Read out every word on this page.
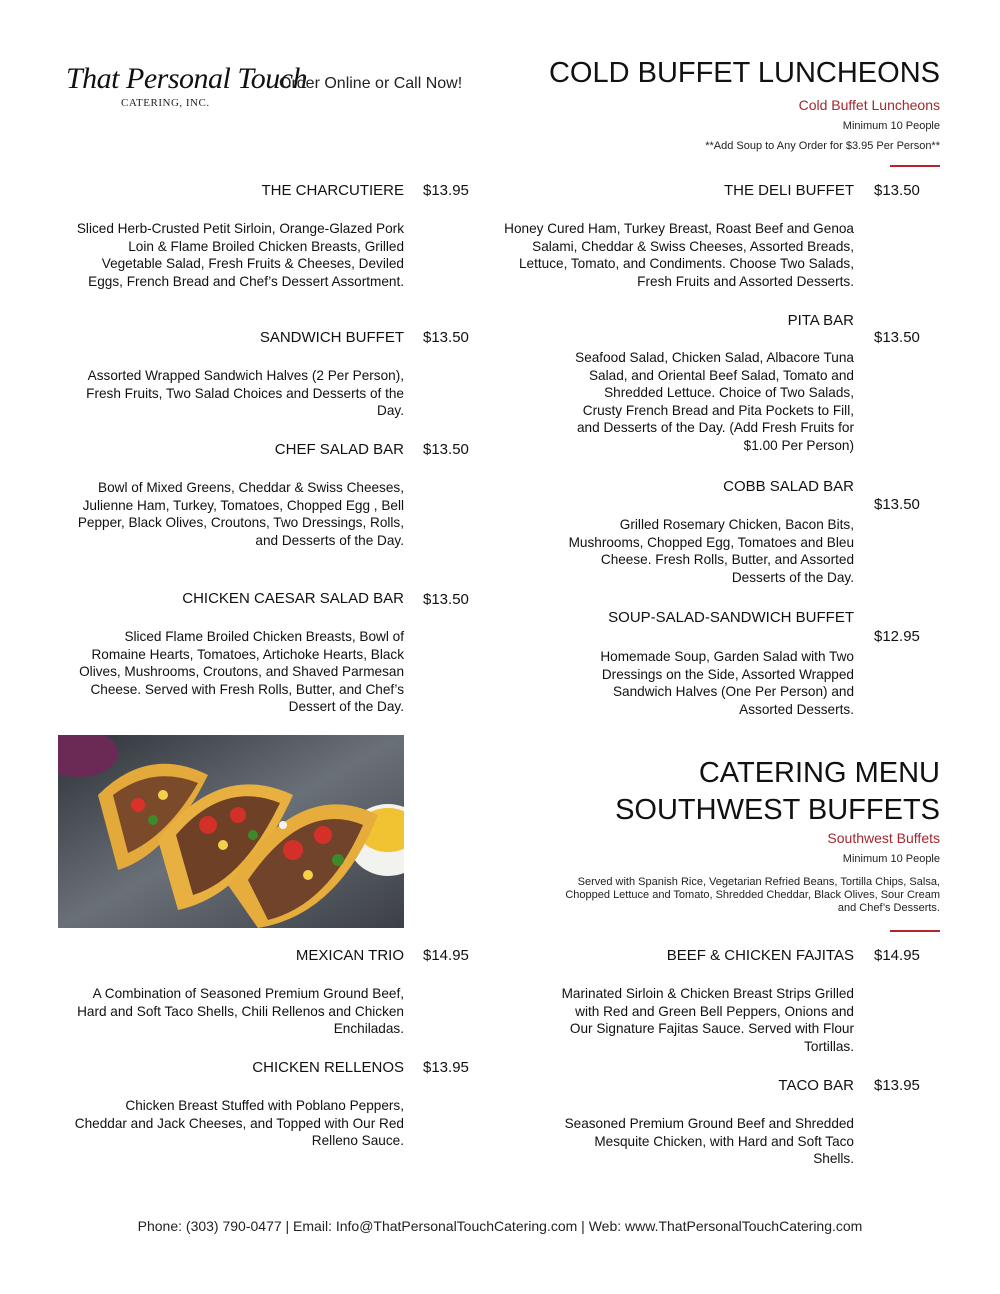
That Personal Touch
CATERING, INC.
Order Online or Call Now!	COLD BUFFET LUNCHEONS
Cold Buffet Luncheons
Minimum 10 People
**Add Soup to Any Order for $3.95 Per Person**
THE CHARCUTIERE $13.95
Sliced Herb-Crusted Petit Sirloin, Orange-Glazed Pork Loin & Flame Broiled Chicken Breasts, Grilled Vegetable Salad, Fresh Fruits & Cheeses, Deviled Eggs, French Bread and Chef’s Dessert Assortment.
SANDWICH BUFFET $13.50
Assorted Wrapped Sandwich Halves (2 Per Person), Fresh Fruits, Two Salad Choices and Desserts of the Day.
CHEF SALAD BAR $13.50
Bowl of Mixed Greens, Cheddar & Swiss Cheeses, Julienne Ham, Turkey, Tomatoes, Chopped Egg , Bell Pepper, Black Olives, Croutons, Two Dressings, Rolls, and Desserts of the Day.
CHICKEN CAESAR SALAD BAR $13.50
Sliced Flame Broiled Chicken Breasts, Bowl of Romaine Hearts, Tomatoes, Artichoke Hearts, Black Olives, Mushrooms, Croutons, and Shaved Parmesan Cheese. Served with Fresh Rolls, Butter, and Chef’s Dessert of the Day.
THE DELI BUFFET $13.50
Honey Cured Ham, Turkey Breast, Roast Beef and Genoa Salami, Cheddar & Swiss Cheeses, Assorted Breads, Lettuce, Tomato, and Condiments. Choose Two Salads, Fresh Fruits and Assorted Desserts.
PITA BAR
$13.50
Seafood Salad, Chicken Salad, Albacore Tuna Salad, and Oriental Beef Salad, Tomato and Shredded Lettuce. Choice of Two Salads, Crusty French Bread and Pita Pockets to Fill, and Desserts of the Day. (Add Fresh Fruits for $1.00 Per Person)
COBB SALAD BAR
$13.50
Grilled Rosemary Chicken, Bacon Bits, Mushrooms, Chopped Egg, Tomatoes and Bleu Cheese. Fresh Rolls, Butter, and Assorted Desserts of the Day.
SOUP-SALAD-SANDWICH BUFFET
$12.95
Homemade Soup, Garden Salad with Two Dressings on the Side, Assorted Wrapped Sandwich Halves (One Per Person) and Assorted Desserts.
CATERING MENU
SOUTHWEST BUFFETS
Southwest Buffets
Minimum 10 People
Served with Spanish Rice, Vegetarian Refried Beans, Tortilla Chips, Salsa,
Chopped Lettuce and Tomato, Shredded Cheddar, Black Olives, Sour Cream
and Chef’s Desserts.
MEXICAN TRIO $14.95
A Combination of Seasoned Premium Ground Beef, Hard and Soft Taco Shells, Chili Rellenos and Chicken Enchiladas.
CHICKEN RELLENOS $13.95
Chicken Breast Stuffed with Poblano Peppers, Cheddar and Jack Cheeses, and Topped with Our Red Relleno Sauce.
BEEF & CHICKEN FAJITAS $14.95
Marinated Sirloin & Chicken Breast Strips Grilled with Red and Green Bell Peppers, Onions and Our Signature Fajitas Sauce. Served with Flour Tortillas.
TACO BAR $13.95
Seasoned Premium Ground Beef and Shredded Mesquite Chicken, with Hard and Soft Taco Shells.
Phone: (303) 790-0477 | Email: Info@ThatPersonalTouchCatering.com | Web: www.ThatPersonalTouchCatering.com
